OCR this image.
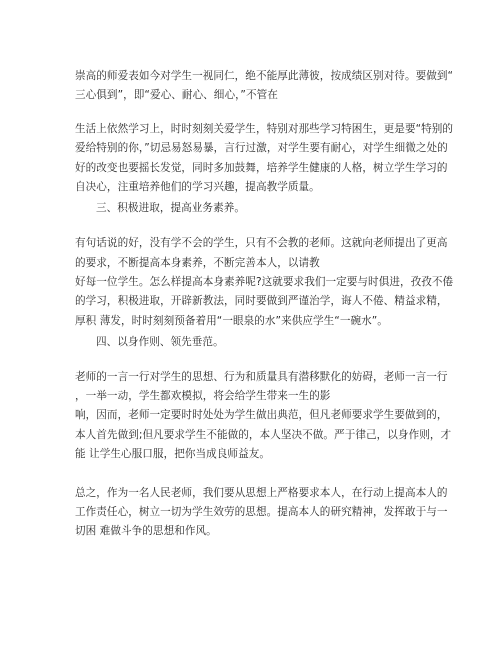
崇高的师爱表如今对学生一视同仁，绝不能厚此薄彼，按成绩区别对待。要做到“
三心俱到”，即“爱心、耐心、细心，”不管在
生活上依然学习上，时时刻刻关爱学生，特别对那些学习特困生，更是要“特别的
爱给特别的你，”切忌易怒易暴，言行过激，对学生要有耐心，对学生细微之处的
好的改变也要摇长发觉，同时多加鼓舞，培养学生健康的人格，树立学生学习的
自决心，注重培养他们的学习兴趣，提高教学质量。
三、积极进取，提高业务素养。
有句话说的好，没有学不会的学生，只有不会教的老师。这就向老师提出了更高
的要求，不断提高本身素养，不断完善本人，以请教
好每一位学生。怎么样提高本身素养呢?这就要求我们一定要与时俱进，孜孜不倦
的学习，积极进取，开辟新教法，同时要做到严谨治学，诲人不倦、精益求精，
厚积 薄发，时时刻刻预备着用“一眼泉的水”来供应学生“一碗水”。
四、以身作则、领先垂范。
老师的一言一行对学生的思想、行为和质量具有潜移默化的妨碍，老师一言一行
，一举一动，学生都欢模拟，将会给学生带来一生的影
响，因而，老师一定要时时处处为学生做出典范，但凡老师要求学生要做到的，
本人首先做到;但凡要求学生不能做的，本人坚决不做。严于律己，以身作则，才
能 让学生心服口服，把你当成良师益友。
总之，作为一名人民老师，我们要从思想上严格要求本人，在行动上提高本人的
工作责任心，树立一切为学生效劳的思想。提高本人的研究精神，发挥敢于与一
切困 难做斗争的思想和作风。
